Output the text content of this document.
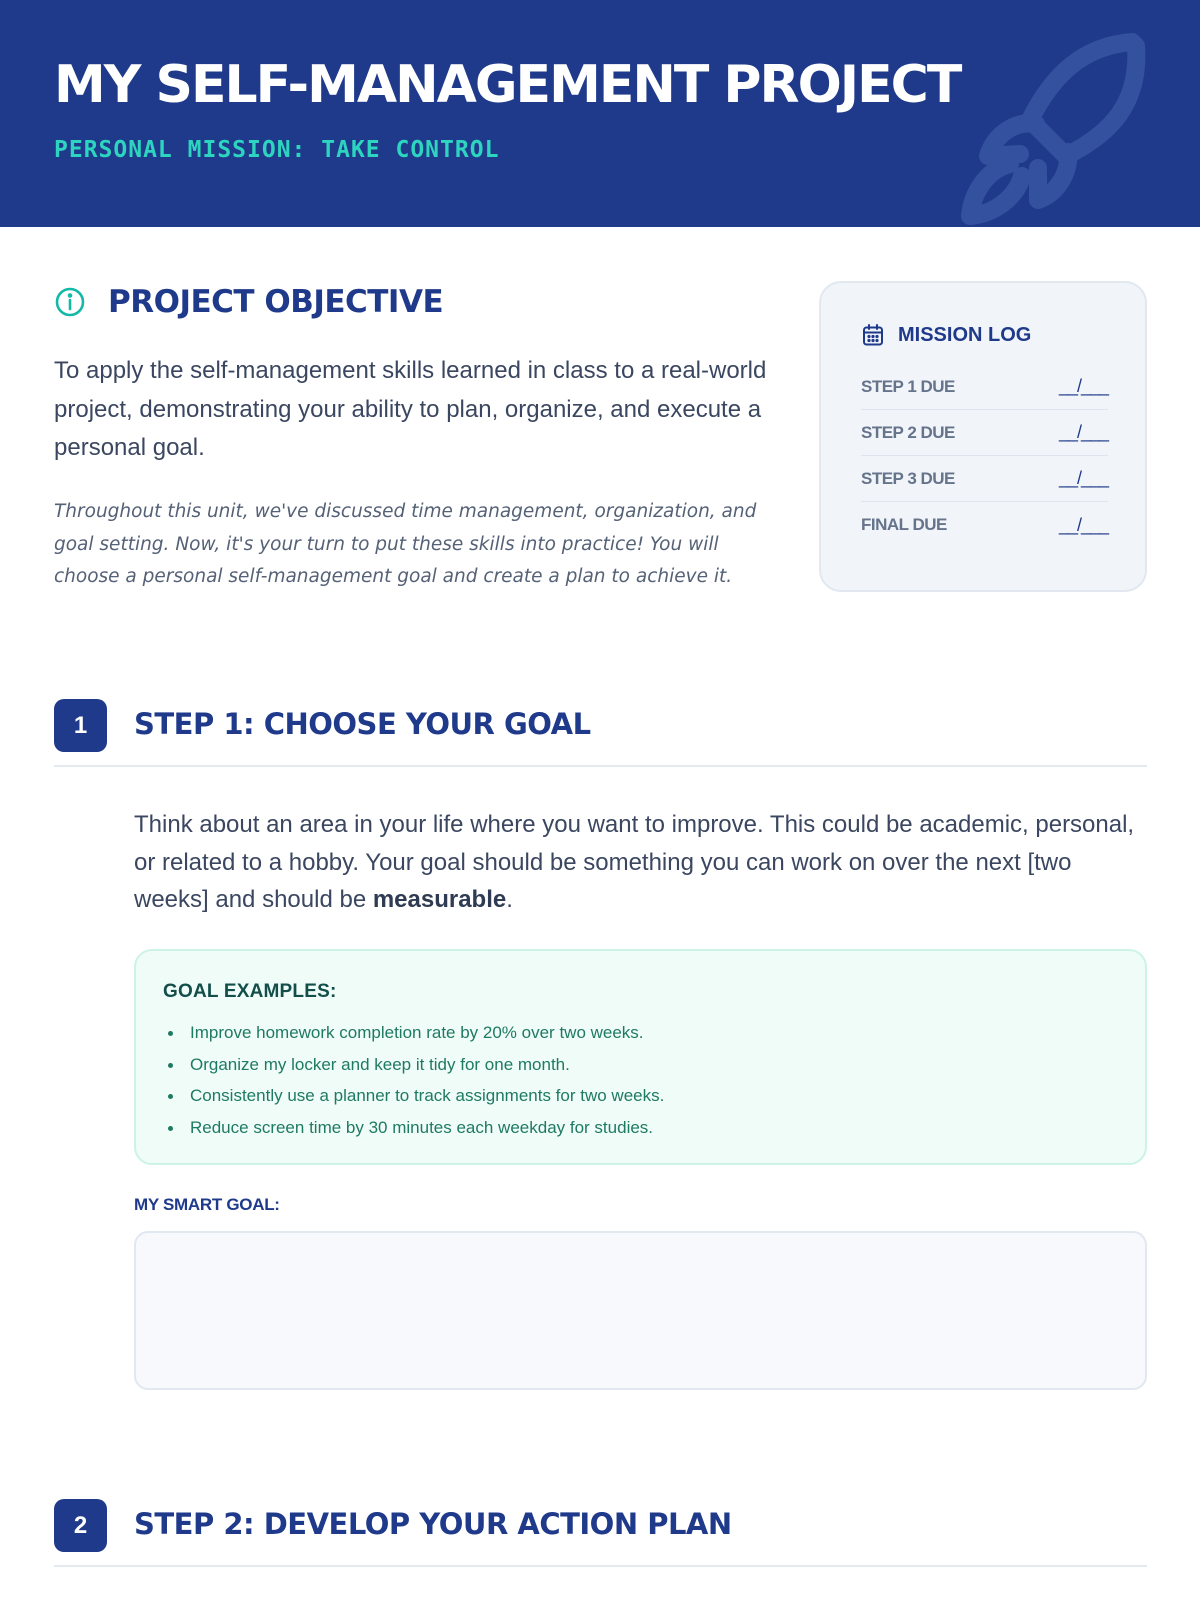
MY SELF-MANAGEMENT PROJECT
PERSONAL MISSION: TAKE CONTROL
PROJECT OBJECTIVE

To apply the self-management skills learned in class to a real-world project, demonstrating your ability to plan, organize, and execute a personal goal.

Throughout this unit, we've discussed time management, organization, and goal setting. Now, it's your turn to put these skills into practice! You will choose a personal self-management goal and create a plan to achieve it.

MISSION LOG
STEP 1 DUE	__/___
STEP 2 DUE	__/___
STEP 3 DUE	__/___
FINAL DUE	__/___
1	STEP 1: CHOOSE YOUR GOAL

Think about an area in your life where you want to improve. This could be academic, personal, or related to a hobby. Your goal should be something you can work on over the next [two weeks] and should be measurable.

GOAL EXAMPLES:
Improve homework completion rate by 20% over two weeks.
Organize my locker and keep it tidy for one month.
Consistently use a planner to track assignments for two weeks.
Reduce screen time by 30 minutes each weekday for studies.
MY SMART GOAL:
2	STEP 2: DEVELOP YOUR ACTION PLAN
